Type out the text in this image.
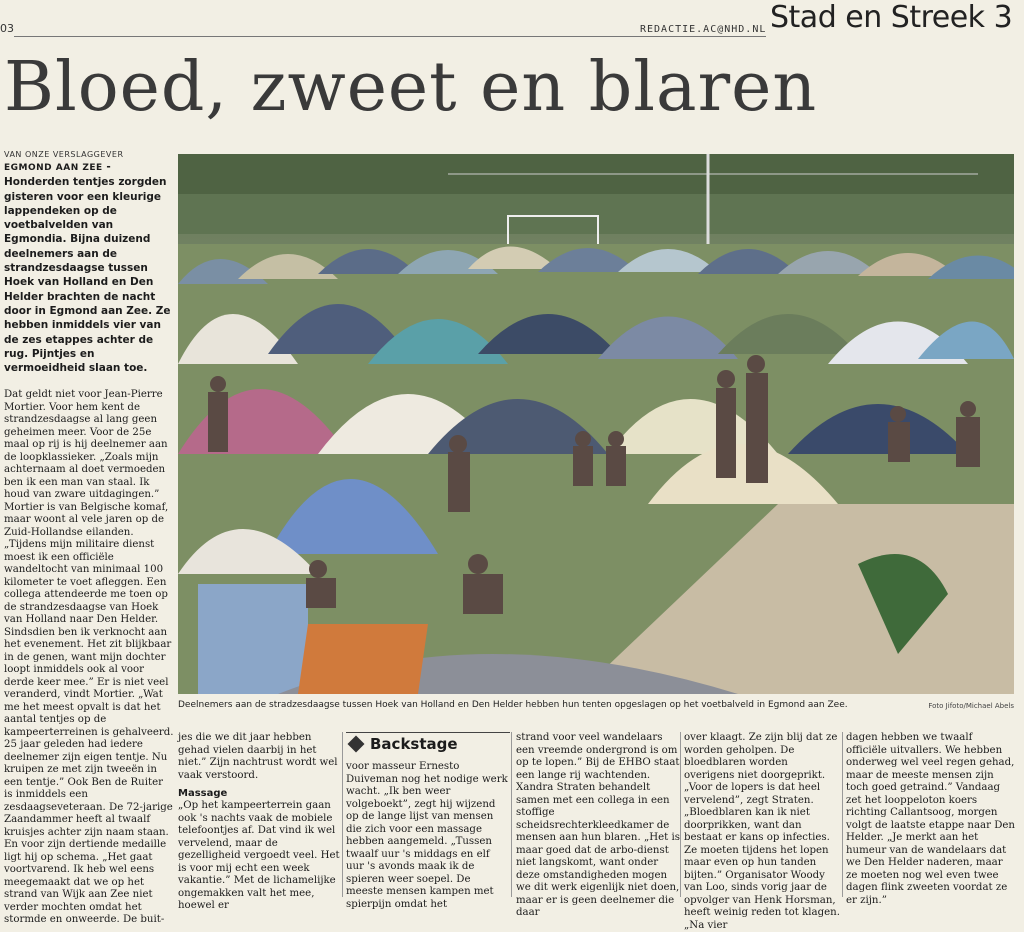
03	REDACTIE.AC@NHD.NL Stad en Streek 3
Bloed, zweet en blaren
VAN ONZE VERSLAGGEVER

EGMOND AAN ZEE - Honderden tentjes zorgden gisteren voor een kleurige lappendeken op de voetbalvelden van Egmondia. Bijna duizend deelnemers aan de strandzesdaagse tussen Hoek van Holland en Den Helder brachten de nacht door in Egmond aan Zee. Ze hebben inmiddels vier van de zes etappes achter de rug. Pijntjes en vermoeidheid slaan toe.

Dat geldt niet voor Jean-Pierre Mortier. Voor hem kent de strandzesdaagse al lang geen geheimen meer. Voor de 25e maal op rij is hij deelnemer aan de loopklassieker. „Zoals mijn achternaam al doet vermoeden ben ik een man van staal. Ik houd van zware uitdagingen.” Mortier is van Belgische komaf, maar woont al vele jaren op de Zuid-Hollandse eilanden. „Tijdens mijn militaire dienst moest ik een officiële wandeltocht van minimaal 100 kilometer te voet afleggen. Een collega attendeerde me toen op de strandzesdaagse van Hoek van Holland naar Den Helder. Sindsdien ben ik verknocht aan het evenement. Het zit blijkbaar in de genen, want mijn dochter loopt inmiddels ook al voor derde keer mee.” Er is niet veel veranderd, vindt Mortier. „Wat me het meest opvalt is dat het aantal tentjes op de kampeerterreinen is gehalveerd. 25 jaar geleden had iedere deelnemer zijn eigen tentje. Nu kruipen ze met zijn tweeën in een tentje.” Ook Ben de Ruiter is inmiddels een zesdaagseveteraan. De 72-jarige Zaandammer heeft al twaalf kruisjes achter zijn naam staan. En voor zijn dertiende medaille ligt hij op schema. „Het gaat voortvarend. Ik heb wel eens meegemaakt dat we op het strand van Wijk aan Zee niet verder mochten omdat het stormde en onweerde. De buit-

Deelnemers aan de stradzesdaagse tussen Hoek van Holland en Den Helder hebben hun tenten opgeslagen op het voetbalveld in Egmond aan Zee.	Foto Jifoto/Michael Abels

jes die we dit jaar hebben gehad vielen daarbij in het niet.” Zijn nachtrust wordt wel vaak verstoord.

Massage

„Op het kampeerterrein gaan ook 's nachts vaak de mobiele telefoontjes af. Dat vind ik wel vervelend, maar de gezelligheid vergoedt veel. Het is voor mij echt een week vakantie.” Met de lichamelijke ongemakken valt het mee, hoewel er

Backstage

voor masseur Ernesto Duiveman nog het nodige werk wacht. „Ik ben weer volgeboekt”, zegt hij wijzend op de lange lijst van mensen die zich voor een massage hebben aangemeld. „Tussen twaalf uur 's middags en elf uur 's avonds maak ik de spieren weer soepel. De meeste mensen kampen met spierpijn omdat het

strand voor veel wandelaars een vreemde ondergrond is om op te lopen.” Bij de EHBO staat een lange rij wachtenden. Xandra Straten behandelt samen met een collega in een stoffige scheidsrechterkleedkamer de mensen aan hun blaren. „Het is maar goed dat de arbo-dienst niet langskomt, want onder deze omstandigheden mogen we dit werk eigenlijk niet doen, maar er is geen deelnemer die daar

over klaagt. Ze zijn blij dat ze worden geholpen. De bloedblaren worden overigens niet doorgeprikt. „Voor de lopers is dat heel vervelend”, zegt Straten. „Bloedblaren kan ik niet doorprikken, want dan bestaat er kans op infecties. Ze moeten tijdens het lopen maar even op hun tanden bijten.” Organisator Woody van Loo, sinds vorig jaar de opvolger van Henk Horsman, heeft weinig reden tot klagen. „Na vier

dagen hebben we twaalf officiële uitvallers. We hebben onderweg wel veel regen gehad, maar de meeste mensen zijn toch goed getraind.” Vandaag zet het looppeloton koers richting Callantsoog, morgen volgt de laatste etappe naar Den Helder. „Je merkt aan het humeur van de wandelaars dat we Den Helder naderen, maar ze moeten nog wel even twee dagen flink zweeten voordat ze er zijn.”
